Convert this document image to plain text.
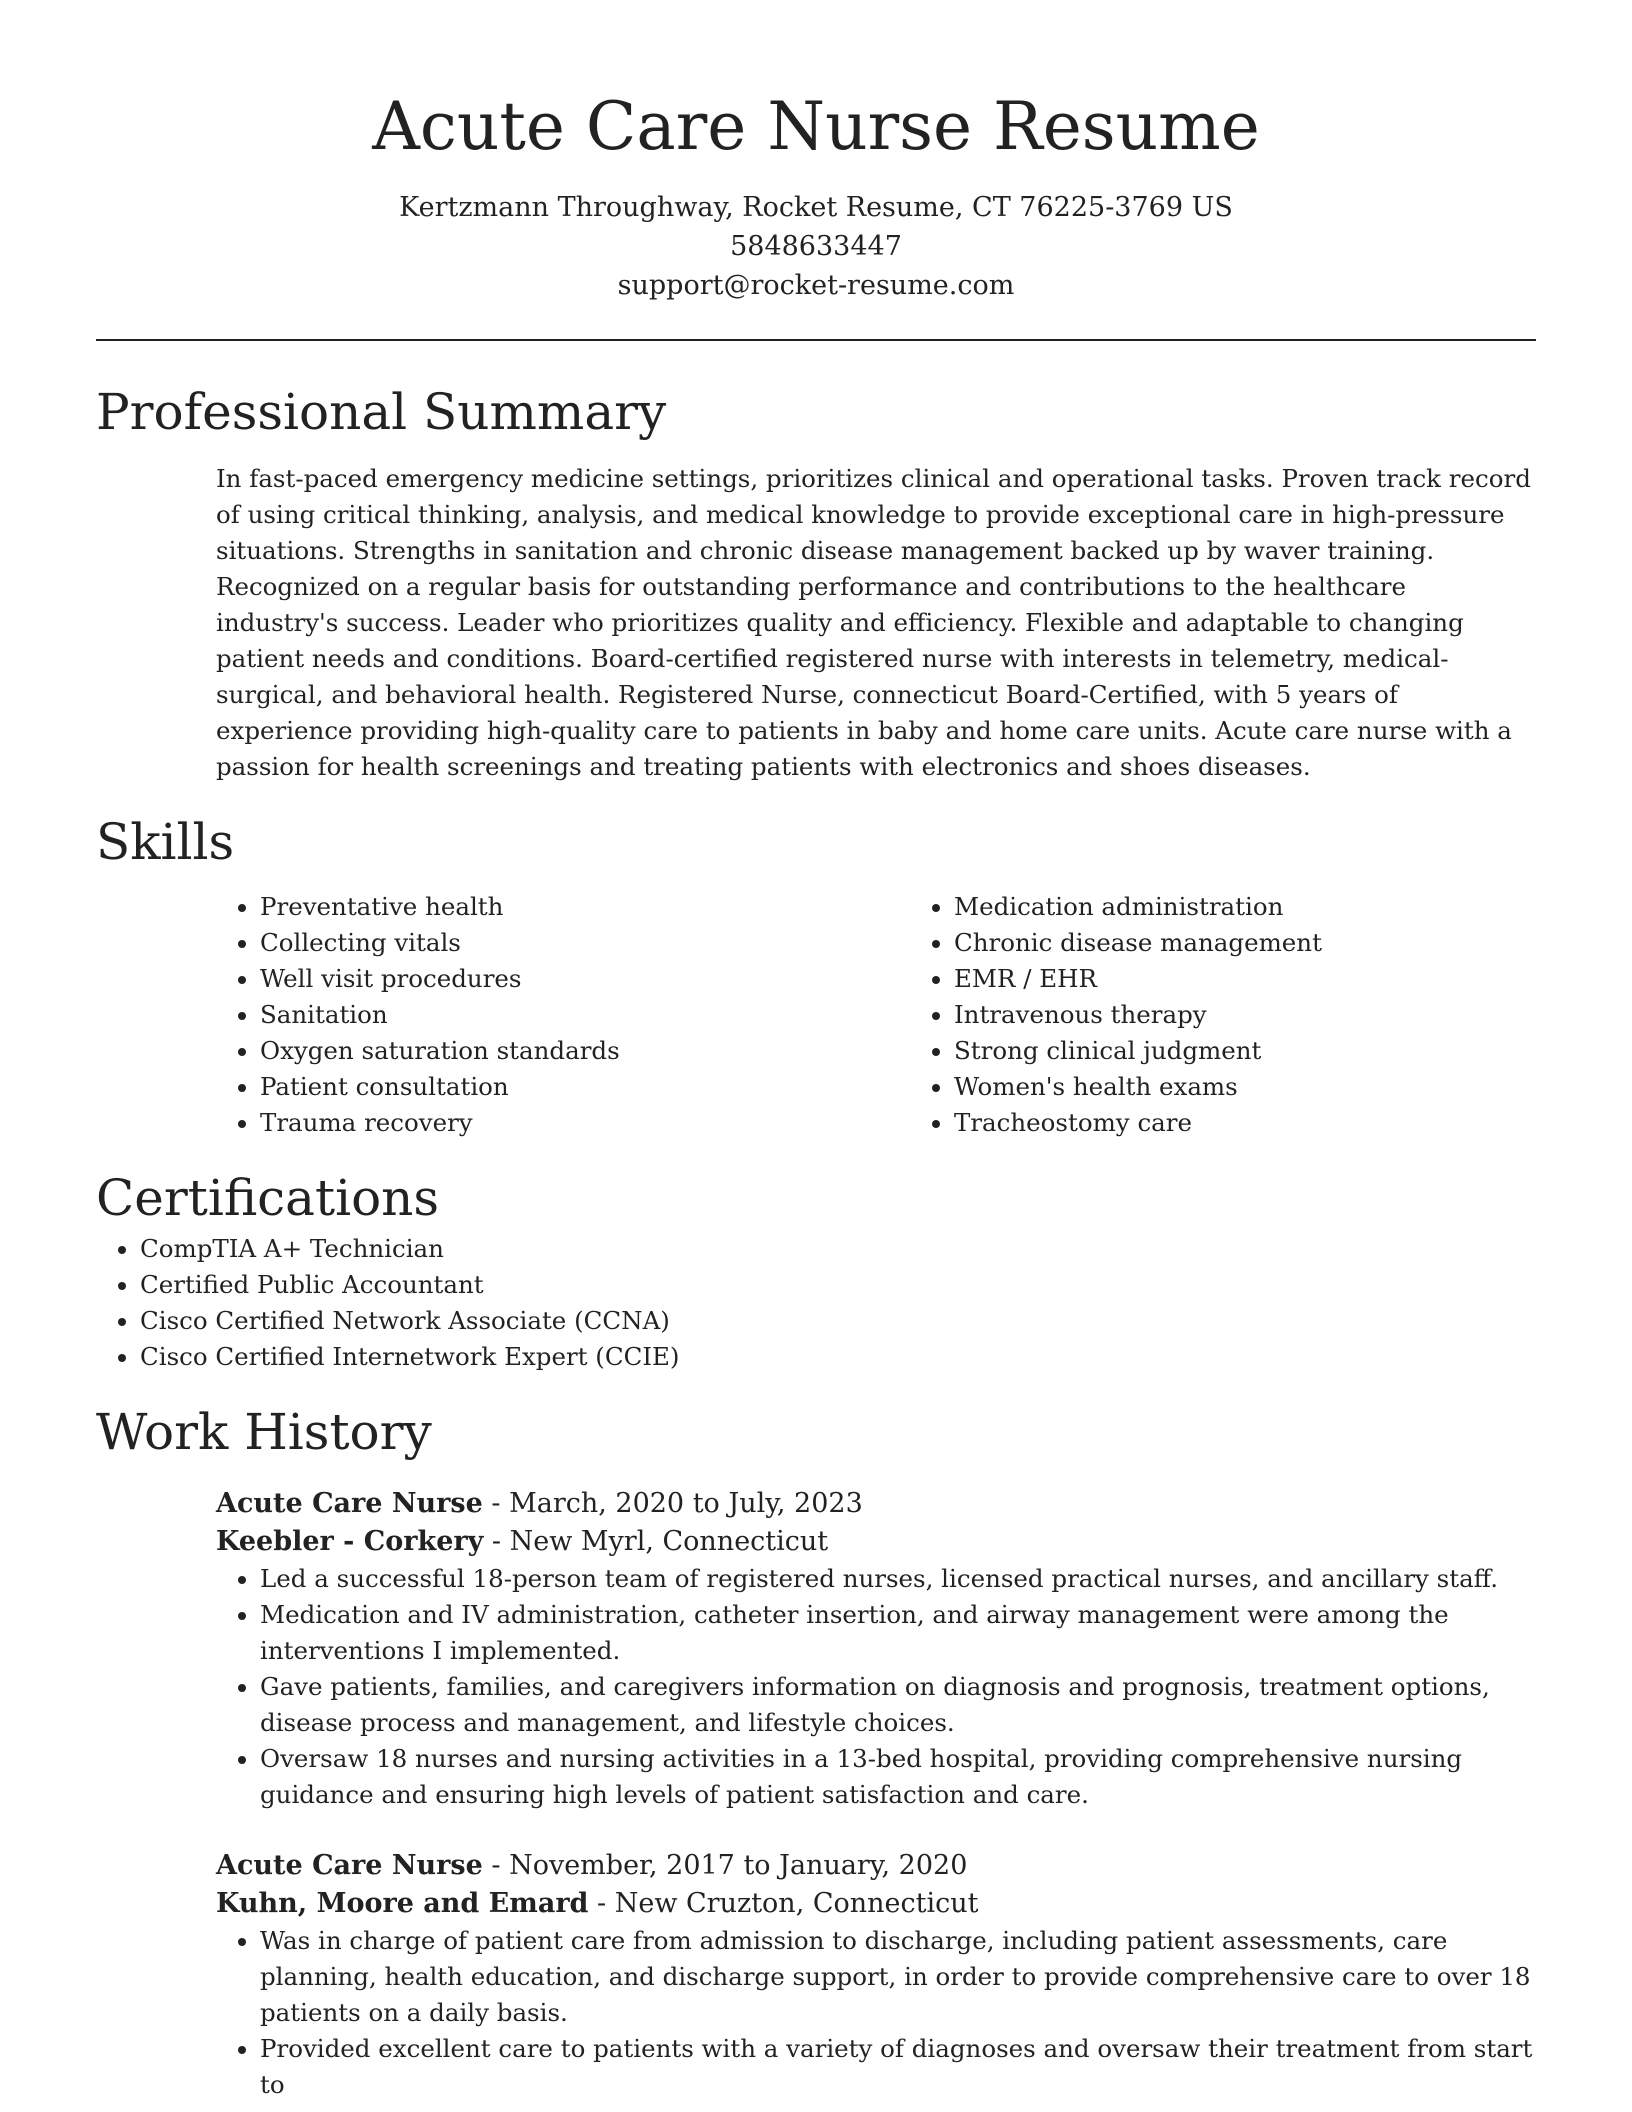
Acute Care Nurse Resume
Kertzmann Throughway, Rocket Resume, CT 76225-3769 US
5848633447
support@rocket-resume.com
Professional Summary

In fast-paced emergency medicine settings, prioritizes clinical and operational tasks. Proven track record of using critical thinking, analysis, and medical knowledge to provide exceptional care in high-pressure situations. Strengths in sanitation and chronic disease management backed up by waver training. Recognized on a regular basis for outstanding performance and contributions to the healthcare industry's success. Leader who prioritizes quality and efficiency. Flexible and adaptable to changing patient needs and conditions. Board-certified registered nurse with interests in telemetry, medical-surgical, and behavioral health. Registered Nurse, connecticut Board-Certified, with 5 years of experience providing high-quality care to patients in baby and home care units. Acute care nurse with a passion for health screenings and treating patients with electronics and shoes diseases.

Skills
• Preventative health
• Collecting vitals
• Well visit procedures
• Sanitation
• Oxygen saturation standards
• Patient consultation
• Trauma recovery
• Medication administration
• Chronic disease management
• EMR / EHR
• Intravenous therapy
• Strong clinical judgment
• Women's health exams
• Tracheostomy care
Certifications
• CompTIA A+ Technician
• Certified Public Accountant
• Cisco Certified Network Associate (CCNA)
• Cisco Certified Internetwork Expert (CCIE)
Work History
Acute Care Nurse - March, 2020 to July, 2023
Keebler - Corkery - New Myrl, Connecticut
• Led a successful 18-person team of registered nurses, licensed practical nurses, and ancillary staff.
• Medication and IV administration, catheter insertion, and airway management were among the interventions I implemented.
• Gave patients, families, and caregivers information on diagnosis and prognosis, treatment options, disease process and management, and lifestyle choices.
• Oversaw 18 nurses and nursing activities in a 13-bed hospital, providing comprehensive nursing guidance and ensuring high levels of patient satisfaction and care.
Acute Care Nurse - November, 2017 to January, 2020
Kuhn, Moore and Emard - New Cruzton, Connecticut
• Was in charge of patient care from admission to discharge, including patient assessments, care planning, health education, and discharge support, in order to provide comprehensive care to over 18 patients on a daily basis.
• Provided excellent care to patients with a variety of diagnoses and oversaw their treatment from start to
